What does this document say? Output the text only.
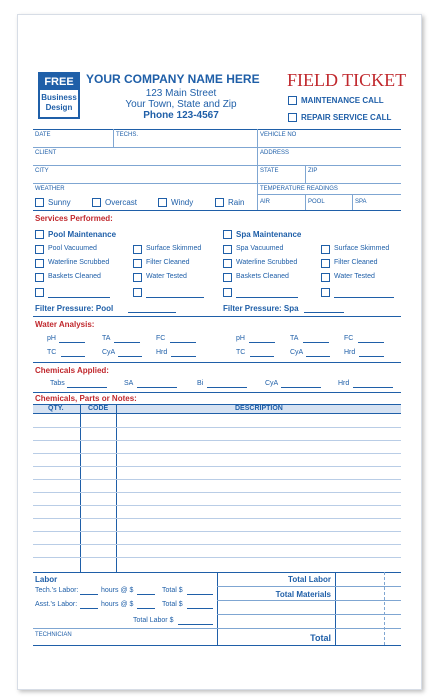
FREE
Business
Design
YOUR COMPANY NAME HERE
123 Main Street
Your Town, State and Zip
Phone 123-4567
FIELD TICKET
MAINTENANCE CALL
REPAIR SERVICE CALL
DATE	TECHS.	VEHICLE NO
CLIENT	ADDRESS
CITY	STATE	ZIP
WEATHER	TEMPERATURE READINGS
AIR	POOL	SPA
Sunny	Overcast	Windy	Rain
Services Performed:
Pool Maintenance	Spa Maintenance
Pool Vacuumed
Waterline Scrubbed
Baskets Cleaned
Surface Skimmed
Filter Cleaned
Water Tested
Spa Vacuumed
Waterline Scrubbed
Baskets Cleaned
Surface Skimmed
Filter Cleaned
Water Tested
Filter Pressure: Pool	Filter Pressure: Spa
Water Analysis:
pH	TA	FC
TC	CyA	Hrd
pH	TA	FC
TC	CyA	Hrd
Chemicals Applied:
Tabs	SA	Bi	CyA	Hrd
Chemicals, Parts or Notes:
QTY.	CODE	DESCRIPTION
Labor
Tech.'s Labor:	hours @ $	Total $
Asst.'s Labor:	hours @ $	Total $
Total Labor $
TECHNICIAN
Total Labor
Total Materials
Total
